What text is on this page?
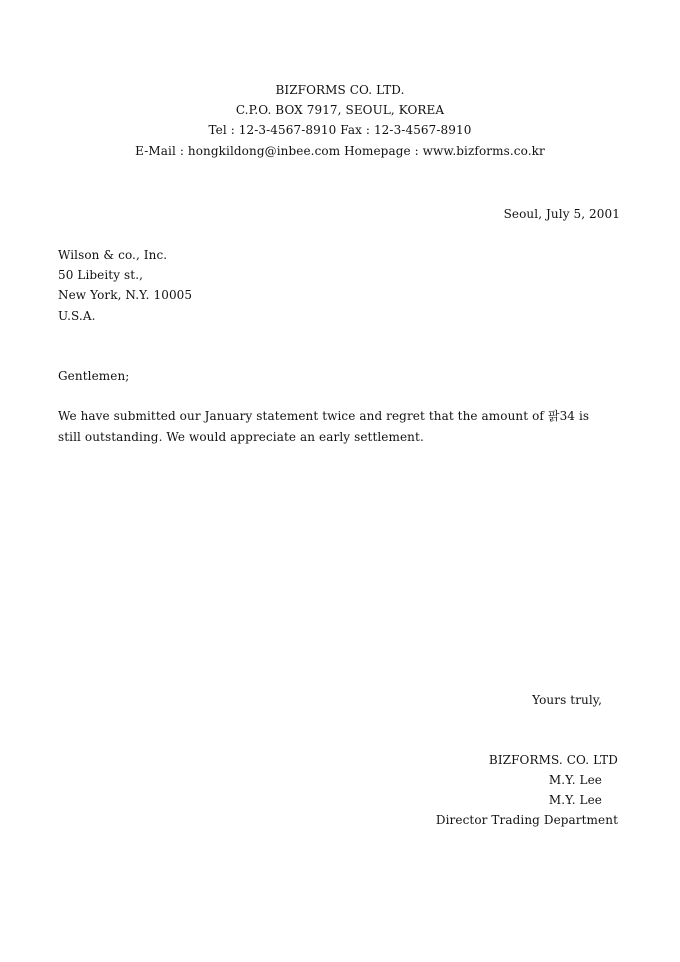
BIZFORMS CO. LTD.
C.P.O. BOX 7917, SEOUL, KOREA
Tel : 12-3-4567-8910 Fax : 12-3-4567-8910
E-Mail : hongkildong@inbee.com Homepage : www.bizforms.co.kr
Seoul, July 5, 2001
Wilson & co., Inc.
50 Libeity st.,
New York, N.Y. 10005
U.S.A.
Gentlemen;
We have submitted our January statement twice and regret that the amount of 팕34 is
still outstanding. We would appreciate an early settlement.
Yours truly,
BIZFORMS. CO. LTD
M.Y. Lee
M.Y. Lee
Director Trading Department
